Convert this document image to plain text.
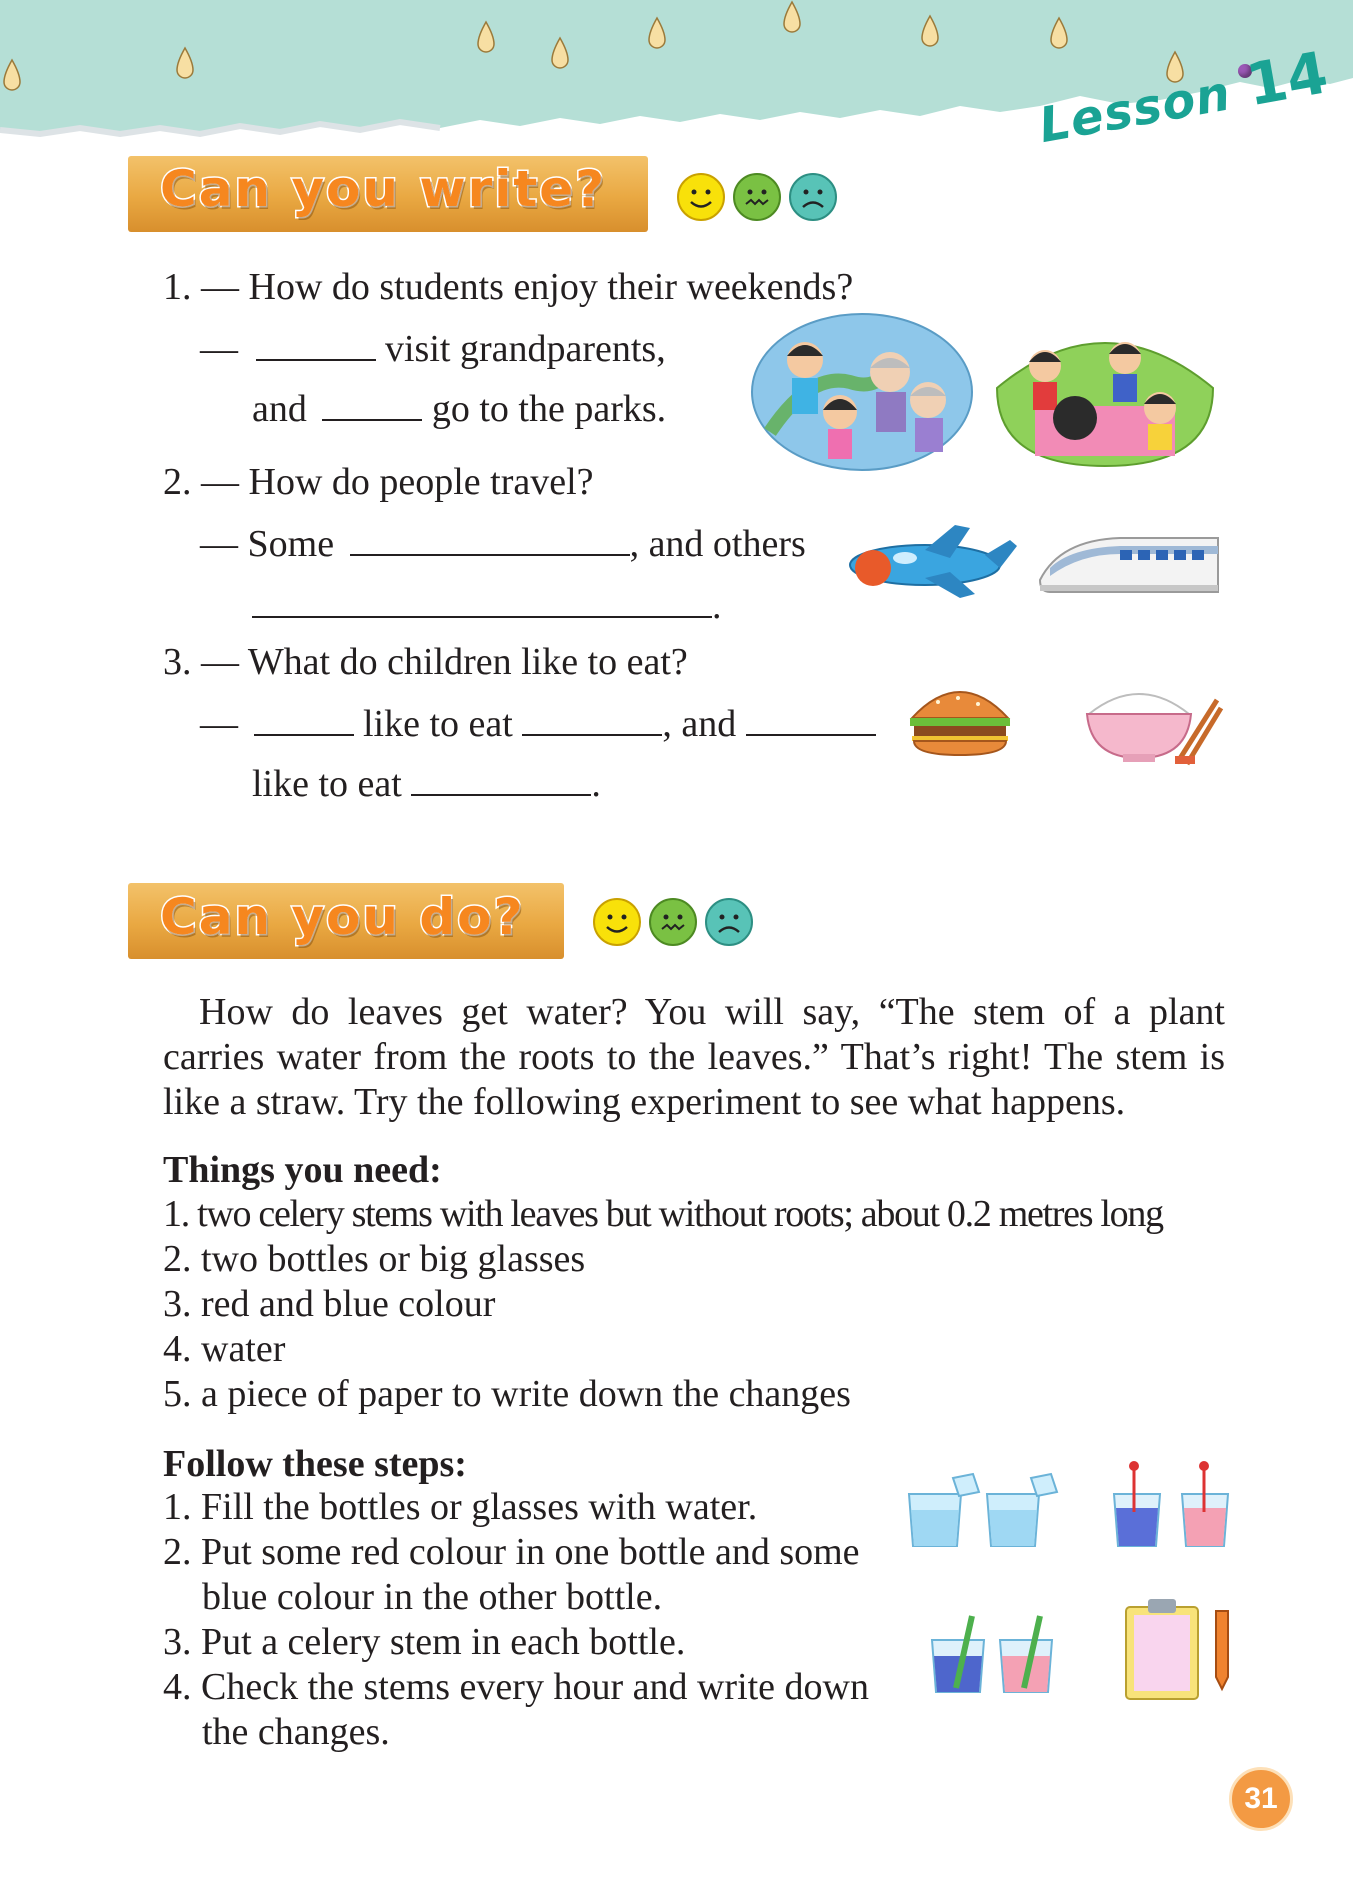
Lesson 14
Can you write?
1. — How do students enjoy their weekends?
—	visit grandparents,
and	go to the parks.
2. — How do people travel?
— Some	, and others
.
3. — What do children like to eat?
—	like to eat	, and
like to eat	.
Can you do?
How do leaves get water? You will say, “The stem of a plant carries water from the roots to the leaves.” That’s right! The stem is like a straw. Try the following experiment to see what happens.
Things you need:
1. two celery stems with leaves but without roots; about 0.2 metres long
2. two bottles or big glasses
3. red and blue colour
4. water
5. a piece of paper to write down the changes
Follow these steps:
1. Fill the bottles or glasses with water.
2. Put some red colour in one bottle and some
blue colour in the other bottle.
3. Put a celery stem in each bottle.
4. Check the stems every hour and write down
the changes.
31
